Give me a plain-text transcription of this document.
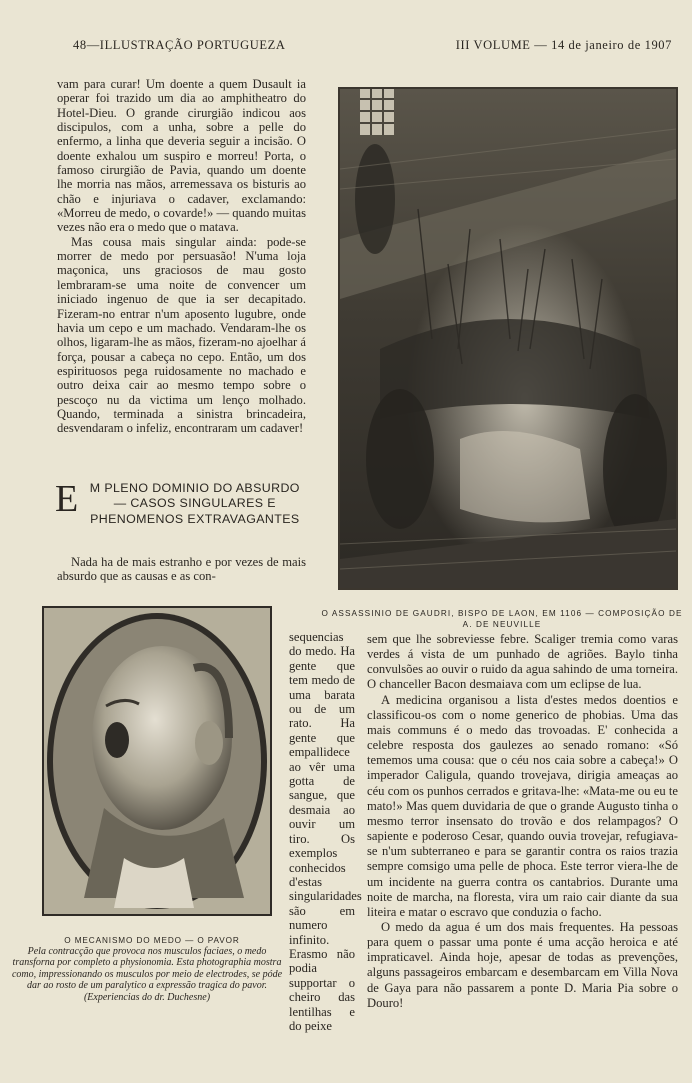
48—ILLUSTRAÇÃO PORTUGUEZA	III VOLUME — 14 de janeiro de 1907

vam para curar! Um doente a quem Dusault ia operar foi trazido um dia ao amphitheatro do Hotel-Dieu. O grande cirurgião indicou aos discipulos, com a unha, sobre a pelle do enfermo, a linha que deveria seguir a incisão. O doente exhalou um suspiro e morreu! Porta, o famoso cirurgião de Pavia, quando um doente lhe morria nas mãos, arremessava os bisturis ao chão e injuriava o cadaver, exclamando: «Morreu de medo, o covarde!» — quando muitas vezes não era o medo que o matava.

Mas cousa mais singular ainda: pode-se morrer de medo por persuasão! N'uma loja maçonica, uns graciosos de mau gosto lembraram-se uma noite de convencer um iniciado ingenuo de que ia ser decapitado. Fizeram-no entrar n'um aposento lugubre, onde havia um cepo e um machado. Vendaram-lhe os olhos, ligaram-lhe as mãos, fizeram-no ajoelhar á força, pousar a cabeça no cepo. Então, um dos espirituosos pega ruidosamente no machado e outro deixa cair ao mesmo tempo sobre o pescoço nu da victima um lenço molhado. Quando, terminada a sinistra brincadeira, desvendaram o infeliz, encontraram um cadaver!

E M PLENO DOMINIO DO ABSURDO — CASOS SINGULARES E PHENOMENOS EXTRAVAGANTES

Nada ha de mais estranho e por vezes de mais absurdo que as causas e as con-

O ASSASSINIO DE GAUDRI, BISPO DE LAON, EM 1106 — COMPOSIÇÃO DE A. DE NEUVILLE
O MECANISMO DO MEDO — O PAVOR
Pela contracção que provoca nos musculos faciaes, o medo transforna por completo a physionomia. Esta photographia mostra como, impressionando os musculos por meio de electrodes, se póde dar ao rosto de um paralytico a expressão tragica do pavor. (Experiencias do dr. Duchesne)

sequencias do medo. Ha gente que tem medo de uma barata ou de um rato. Ha gente que empallidece ao vêr uma gotta de sangue, que desmaia ao ouvir um tiro. Os exemplos conhecidos d'estas singularidades são em numero infinito. Erasmo não podia supportar o cheiro das lentilhas e do peixe

sem que lhe sobreviesse febre. Scaliger tremia como varas verdes á vista de um punhado de agriões. Baylo tinha convulsões ao ouvir o ruido da agua sahindo de uma torneira. O chanceller Bacon desmaiava com um eclipse de lua.

A medicina organisou a lista d'estes medos doentios e classificou-os com o nome generico de phobias. Uma das mais communs é o medo das trovoadas. E' conhecida a celebre resposta dos gaulezes ao senado romano: «Só tememos uma cousa: que o céu nos caia sobre a cabeça!» O imperador Caligula, quando trovejava, dirigia ameaças ao céu com os punhos cerrados e gritava-lhe: «Mata-me ou eu te mato!» Mas quem duvidaria de que o grande Augusto tinha o mesmo terror insensato do trovão e dos relampagos? O sapiente e poderoso Cesar, quando ouvia trovejar, refugiava-se n'um subterraneo e para se garantir contra os raios trazia sempre comsigo uma pelle de phoca. Este terror viera-lhe de um incidente na guerra contra os cantabrios. Durante uma noite de marcha, na floresta, vira um raio cair diante da sua liteira e matar o escravo que conduzia o facho.

O medo da agua é um dos mais frequentes. Ha pessoas para quem o passar uma ponte é uma acção heroica e até impraticavel. Ainda hoje, apesar de todas as prevenções, alguns passageiros embarcam e desembarcam em Villa Nova de Gaya para não passarem a ponte D. Maria Pia sobre o Douro!
